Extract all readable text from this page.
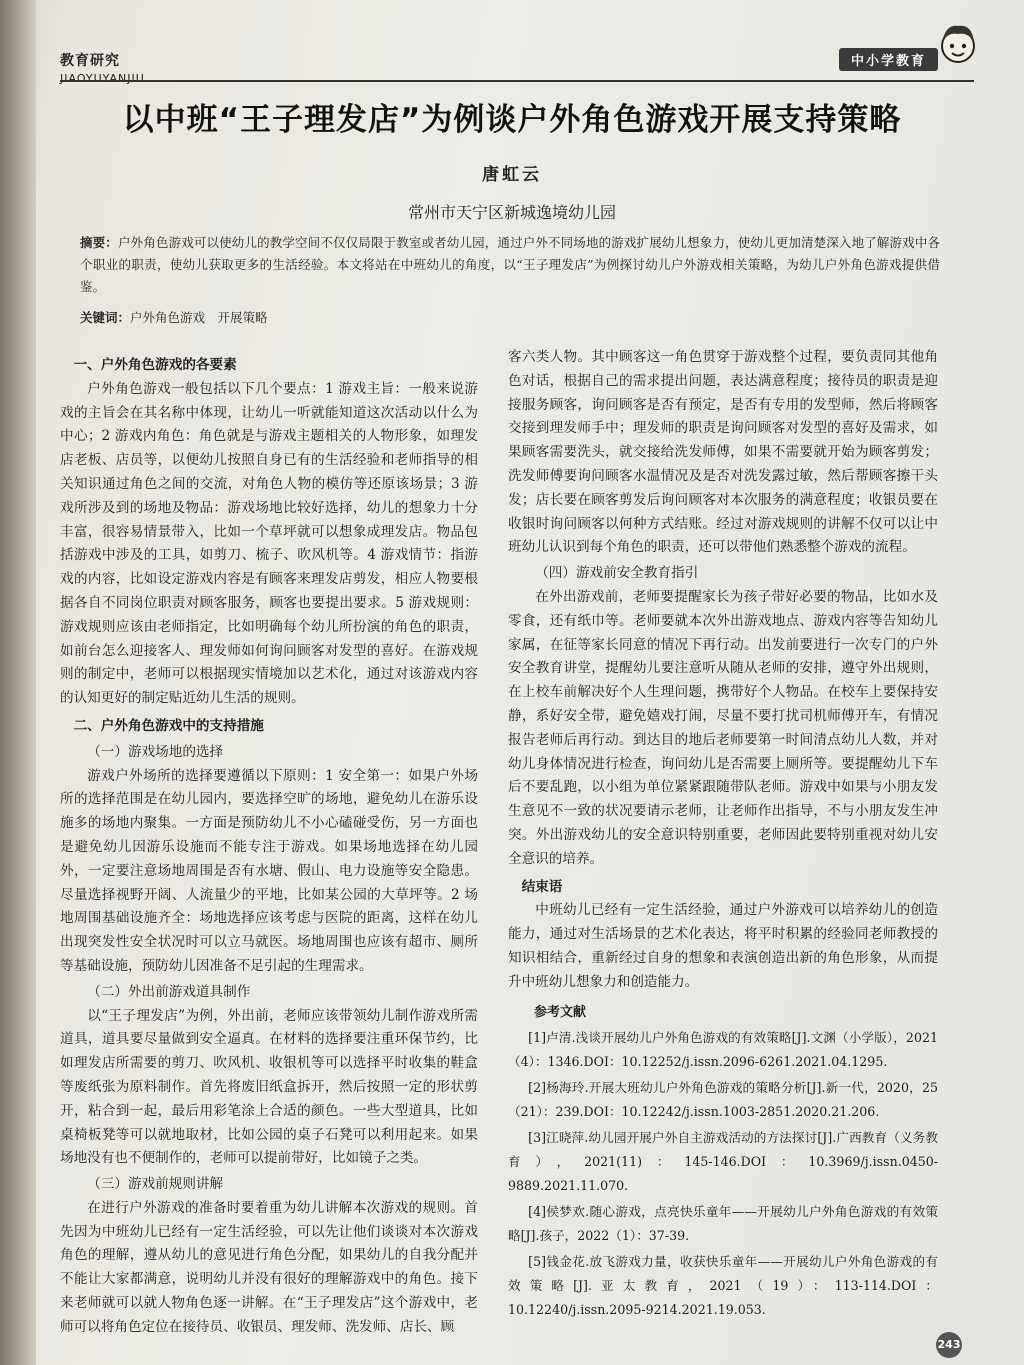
教育研究
JIAOYUYANJIU
中小学教育
以中班“王子理发店”为例谈户外角色游戏开展支持策略
唐虹云
常州市天宁区新城逸境幼儿园
摘要：户外角色游戏可以使幼儿的教学空间不仅仅局限于教室或者幼儿园，通过户外不同场地的游戏扩展幼儿想象力，使幼儿更加清楚深入地了解游戏中各个职业的职责，使幼儿获取更多的生活经验。本文将站在中班幼儿的角度，以“王子理发店”为例探讨幼儿户外游戏相关策略，为幼儿户外角色游戏提供借鉴。
关键词：户外角色游戏　开展策略
一、户外角色游戏的各要素

户外角色游戏一般包括以下几个要点：1 游戏主旨：一般来说游戏的主旨会在其名称中体现，让幼儿一听就能知道这次活动以什么为中心；2 游戏内角色：角色就是与游戏主题相关的人物形象，如理发店老板、店员等，以便幼儿按照自身已有的生活经验和老师指导的相关知识通过角色之间的交流，对角色人物的模仿等还原该场景；3 游戏所涉及到的场地及物品：游戏场地比较好选择，幼儿的想象力十分丰富，很容易情景带入，比如一个草坪就可以想象成理发店。物品包括游戏中涉及的工具，如剪刀、梳子、吹风机等。4 游戏情节：指游戏的内容，比如设定游戏内容是有顾客来理发店剪发，相应人物要根据各自不同岗位职责对顾客服务，顾客也要提出要求。5 游戏规则：游戏规则应该由老师指定，比如明确每个幼儿所扮演的角色的职责，如前台怎么迎接客人、理发师如何询问顾客对发型的喜好。在游戏规则的制定中，老师可以根据现实情境加以艺术化，通过对该游戏内容的认知更好的制定贴近幼儿生活的规则。

二、户外角色游戏中的支持措施
（一）游戏场地的选择

游戏户外场所的选择要遵循以下原则：1 安全第一：如果户外场所的选择范围是在幼儿园内，要选择空旷的场地，避免幼儿在游乐设施多的场地内聚集。一方面是预防幼儿不小心磕碰受伤，另一方面也是避免幼儿因游乐设施而不能专注于游戏。如果场地选择在幼儿园外，一定要注意场地周围是否有水塘、假山、电力设施等安全隐患。尽量选择视野开阔、人流量少的平地，比如某公园的大草坪等。2 场地周围基础设施齐全：场地选择应该考虑与医院的距离，这样在幼儿出现突发性安全状况时可以立马就医。场地周围也应该有超市、厕所等基础设施，预防幼儿因准备不足引起的生理需求。

（二）外出前游戏道具制作

以“王子理发店”为例，外出前，老师应该带领幼儿制作游戏所需道具，道具要尽量做到安全逼真。在材料的选择要注重环保节约，比如理发店所需要的剪刀、吹风机、收银机等可以选择平时收集的鞋盒等废纸张为原料制作。首先将废旧纸盒拆开，然后按照一定的形状剪开，粘合到一起，最后用彩笔涂上合适的颜色。一些大型道具，比如桌椅板凳等可以就地取材，比如公园的桌子石凳可以利用起来。如果场地没有也不便制作的，老师可以提前带好，比如镜子之类。

（三）游戏前规则讲解

在进行户外游戏的准备时要着重为幼儿讲解本次游戏的规则。首先因为中班幼儿已经有一定生活经验，可以先让他们谈谈对本次游戏角色的理解，遵从幼儿的意见进行角色分配，如果幼儿的自我分配并不能让大家都满意，说明幼儿并没有很好的理解游戏中的角色。接下来老师就可以就人物角色逐一讲解。在“王子理发店”这个游戏中，老师可以将角色定位在接待员、收银员、理发师、洗发师、店长、顾

客六类人物。其中顾客这一角色贯穿于游戏整个过程，要负责同其他角色对话，根据自己的需求提出问题，表达满意程度；接待员的职责是迎接服务顾客，询问顾客是否有预定，是否有专用的发型师，然后将顾客交接到理发师手中；理发师的职责是询问顾客对发型的喜好及需求，如果顾客需要洗头，就交接给洗发师傅，如果不需要就开始为顾客剪发；洗发师傅要询问顾客水温情况及是否对洗发露过敏，然后帮顾客擦干头发；店长要在顾客剪发后询问顾客对本次服务的满意程度；收银员要在收银时询问顾客以何种方式结账。经过对游戏规则的讲解不仅可以让中班幼儿认识到每个角色的职责，还可以带他们熟悉整个游戏的流程。

（四）游戏前安全教育指引

在外出游戏前，老师要提醒家长为孩子带好必要的物品，比如水及零食，还有纸巾等。老师要就本次外出游戏地点、游戏内容等告知幼儿家属，在征等家长同意的情况下再行动。出发前要进行一次专门的户外安全教育讲堂，提醒幼儿要注意听从随从老师的安排，遵守外出规则，在上校车前解决好个人生理问题，携带好个人物品。在校车上要保持安静，系好安全带，避免嬉戏打闹，尽量不要打扰司机师傅开车，有情况报告老师后再行动。到达目的地后老师要第一时间清点幼儿人数，并对幼儿身体情况进行检查，询问幼儿是否需要上厕所等。要提醒幼儿下车后不要乱跑，以小组为单位紧紧跟随带队老师。游戏中如果与小朋友发生意见不一致的状况要请示老师，让老师作出指导，不与小朋友发生冲突。外出游戏幼儿的安全意识特别重要，老师因此要特别重视对幼儿安全意识的培养。

结束语

中班幼儿已经有一定生活经验，通过户外游戏可以培养幼儿的创造能力，通过对生活场景的艺术化表达，将平时积累的经验同老师教授的知识相结合，重新经过自身的想象和表演创造出新的角色形象，从而提升中班幼儿想象力和创造能力。

参考文献
[1]卢清.浅谈开展幼儿户外角色游戏的有效策略[J].文渊（小学版），2021（4）：1346.DOI：10.12252/j.issn.2096-6261.2021.04.1295.
[2]杨海玲.开展大班幼儿户外角色游戏的策略分析[J].新一代，2020，25（21）：239.DOI：10.12242/j.issn.1003-2851.2020.21.206.
[3]江晓萍.幼儿园开展户外自主游戏活动的方法探讨[J].广西教育（义务教育），2021(11)：145-146.DOI：10.3969/j.issn.0450-9889.2021.11.070.
[4]侯梦欢.随心游戏，点亮快乐童年——开展幼儿户外角色游戏的有效策略[J].孩子，2022（1）：37-39.
[5]钱金花.放飞游戏力量，收获快乐童年——开展幼儿户外角色游戏的有效策略[J].亚太教育，2021（19）：113-114.DOI：10.12240/j.issn.2095-9214.2021.19.053.
243
